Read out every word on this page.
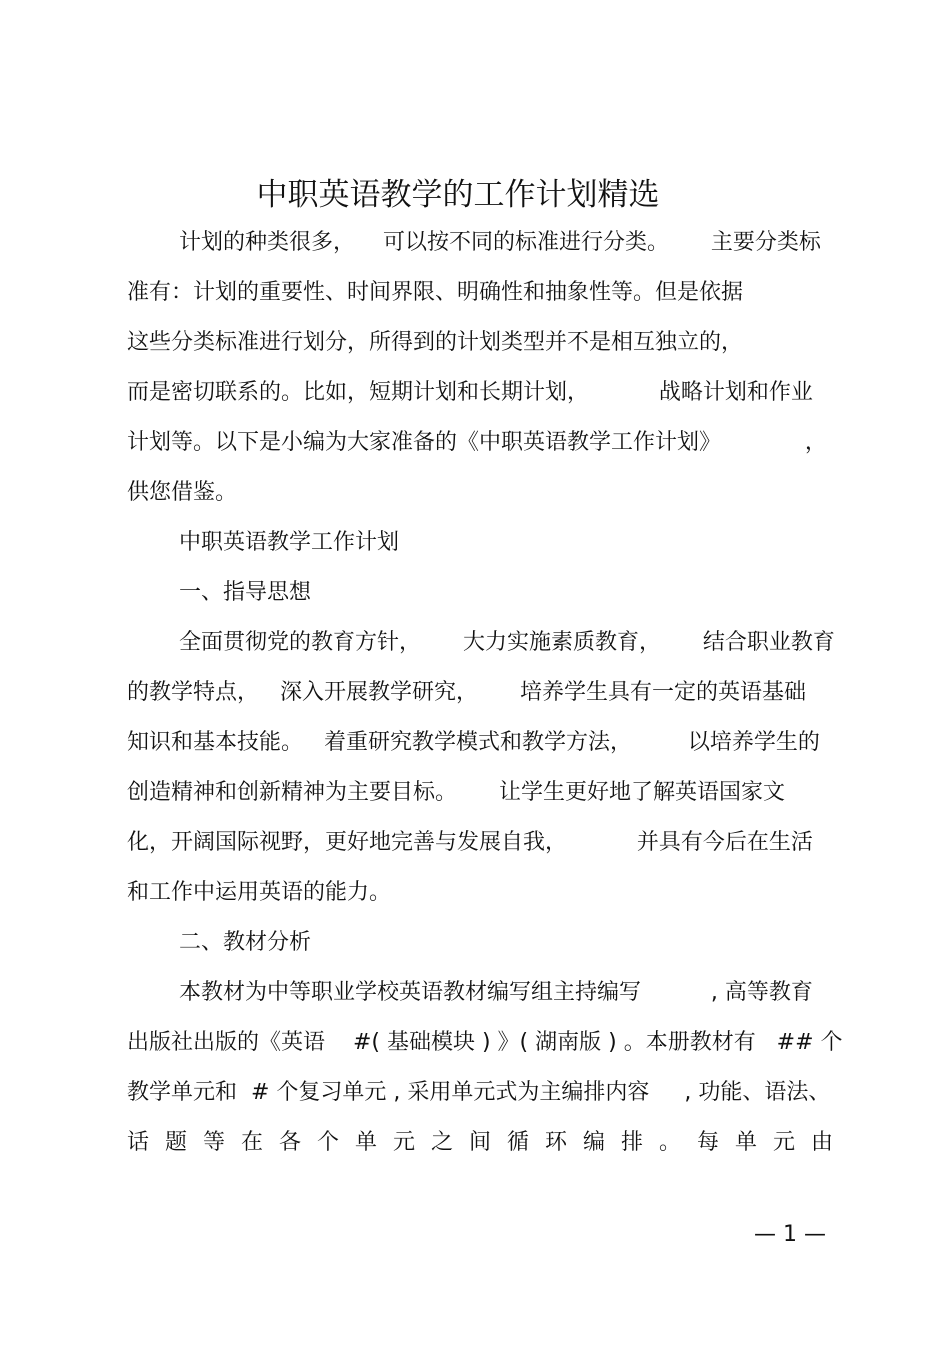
中职英语教学的工作计划精选
计划的种类很多，    可以按不同的标准进行分类。      主要分类标
准有：计划的重要性、时间界限、明确性和抽象性等。但是依据
这些分类标准进行划分，所得到的计划类型并不是相互独立的，
而是密切联系的。比如，短期计划和长期计划，          战略计划和作业
计划等。以下是小编为大家准备的《中职英语教学工作计划》            ，
供您借鉴。
中职英语教学工作计划
一、指导思想
全面贯彻党的教育方针，      大力实施素质教育，      结合职业教育
的教学特点，   深入开展教学研究，      培养学生具有一定的英语基础
知识和基本技能。   着重研究教学模式和教学方法，        以培养学生的
创造精神和创新精神为主要目标。      让学生更好地了解英语国家文
化，开阔国际视野，更好地完善与发展自我，          并具有今后在生活
和工作中运用英语的能力。
二、教材分析
本教材为中等职业学校英语教材编写组主持编写          , 高等教育
出版社出版的《英语    #( 基础模块 ) 》( 湖南版 ) 。本册教材有   ## 个
教学单元和  # 个复习单元 , 采用单元式为主编排内容     , 功能、语法、
话 题 等 在 各 个 单 元 之 间 循 环 编 排 。 每 单 元 由
— 1 —
